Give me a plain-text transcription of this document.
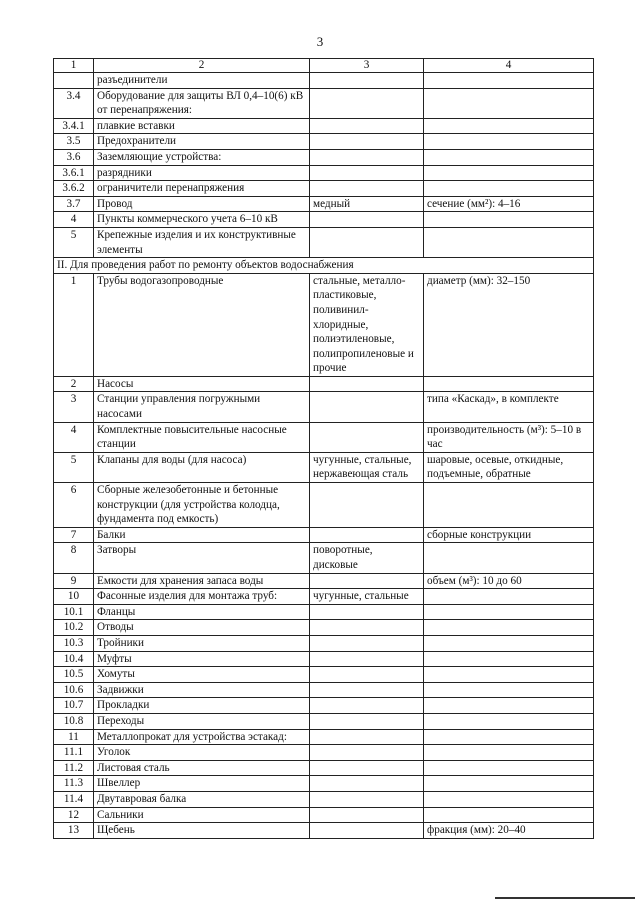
3
1	2	3	4
	разъединители		
3.4	Оборудование для защиты ВЛ 0,4–10(6) кВ от перенапряжения:		
3.4.1	плавкие вставки		
3.5	Предохранители		
3.6	Заземляющие устройства:		
3.6.1	разрядники		
3.6.2	ограничители перенапряжения		
3.7	Провод	медный	сечение (мм²): 4–16
4	Пункты коммерческого учета 6–10 кВ		
5	Крепежные изделия и их конструктивные элементы		
II. Для проведения работ по ремонту объектов водоснабжения			
1	Трубы водогазопроводные	стальные, металло-пластиковые, поливинил-хлоридные, полиэтиленовые, полипропиленовые и прочие	диаметр (мм): 32–150
2	Насосы		
3	Станции управления погружными насосами		типа «Каскад», в комплекте
4	Комплектные повысительные насосные станции		производительность (м³): 5–10 в час
5	Клапаны для воды (для насоса)	чугунные, стальные, нержавеющая сталь	шаровые, осевые, откидные, подъемные, обратные
6	Сборные железобетонные и бетонные конструкции (для устройства колодца, фундамента под емкость)		
7	Балки		сборные конструкции
8	Затворы	поворотные, дисковые	
9	Емкости для хранения запаса воды		объем (м³): 10 до 60
10	Фасонные изделия для монтажа труб:	чугунные, стальные	
10.1	Фланцы		
10.2	Отводы		
10.3	Тройники		
10.4	Муфты		
10.5	Хомуты		
10.6	Задвижки		
10.7	Прокладки		
10.8	Переходы		
11	Металлопрокат для устройства эстакад:		
11.1	Уголок		
11.2	Листовая сталь		
11.3	Швеллер		
11.4	Двутавровая балка		
12	Сальники		
13	Щебень		фракция (мм): 20–40
